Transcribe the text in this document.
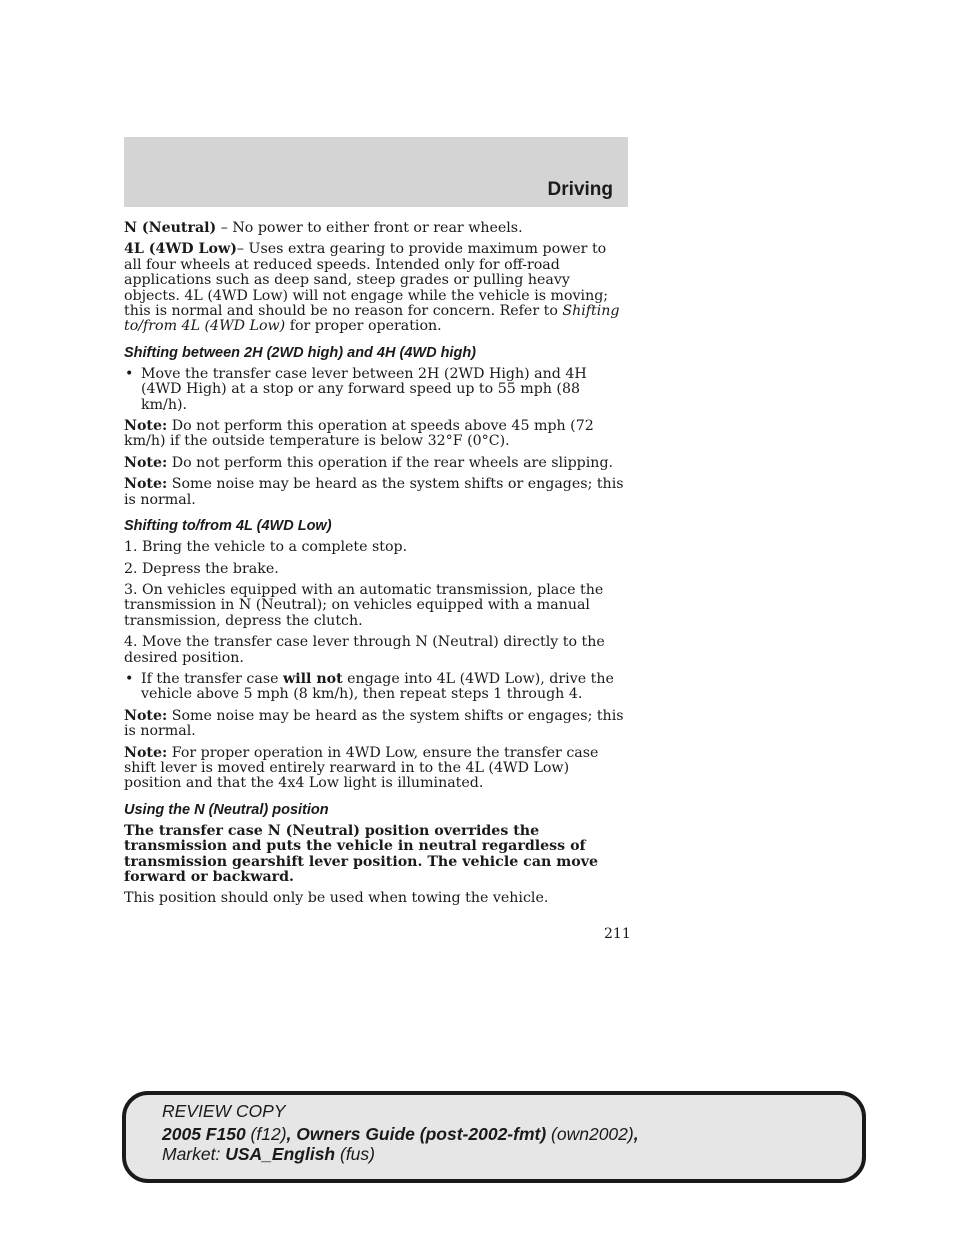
Driving

N (Neutral) – No power to either front or rear wheels.

4L (4WD Low)– Uses extra gearing to provide maximum power to all four wheels at reduced speeds. Intended only for off-road applications such as deep sand, steep grades or pulling heavy objects. 4L (4WD Low) will not engage while the vehicle is moving; this is normal and should be no reason for concern. Refer to Shifting to/from 4L (4WD Low) for proper operation.

Shifting between 2H (2WD high) and 4H (4WD high)
• Move the transfer case lever between 2H (2WD High) and 4H (4WD High) at a stop or any forward speed up to 55 mph (88 km/h).

Note: Do not perform this operation at speeds above 45 mph (72 km/h) if the outside temperature is below 32°F (0°C).

Note: Do not perform this operation if the rear wheels are slipping.

Note: Some noise may be heard as the system shifts or engages; this is normal.

Shifting to/from 4L (4WD Low)

1. Bring the vehicle to a complete stop.

2. Depress the brake.

3. On vehicles equipped with an automatic transmission, place the transmission in N (Neutral); on vehicles equipped with a manual transmission, depress the clutch.

4. Move the transfer case lever through N (Neutral) directly to the desired position.

• If the transfer case will not engage into 4L (4WD Low), drive the vehicle above 5 mph (8 km/h), then repeat steps 1 through 4.

Note: Some noise may be heard as the system shifts or engages; this is normal.

Note: For proper operation in 4WD Low, ensure the transfer case shift lever is moved entirely rearward in to the 4L (4WD Low) position and that the 4x4 Low light is illuminated.

Using the N (Neutral) position

The transfer case N (Neutral) position overrides the transmission and puts the vehicle in neutral regardless of transmission gearshift lever position. The vehicle can move forward or backward.

This position should only be used when towing the vehicle.

211
REVIEW COPY
2005 F150 (f12), Owners Guide (post-2002-fmt) (own2002),
Market: USA_English (fus)
